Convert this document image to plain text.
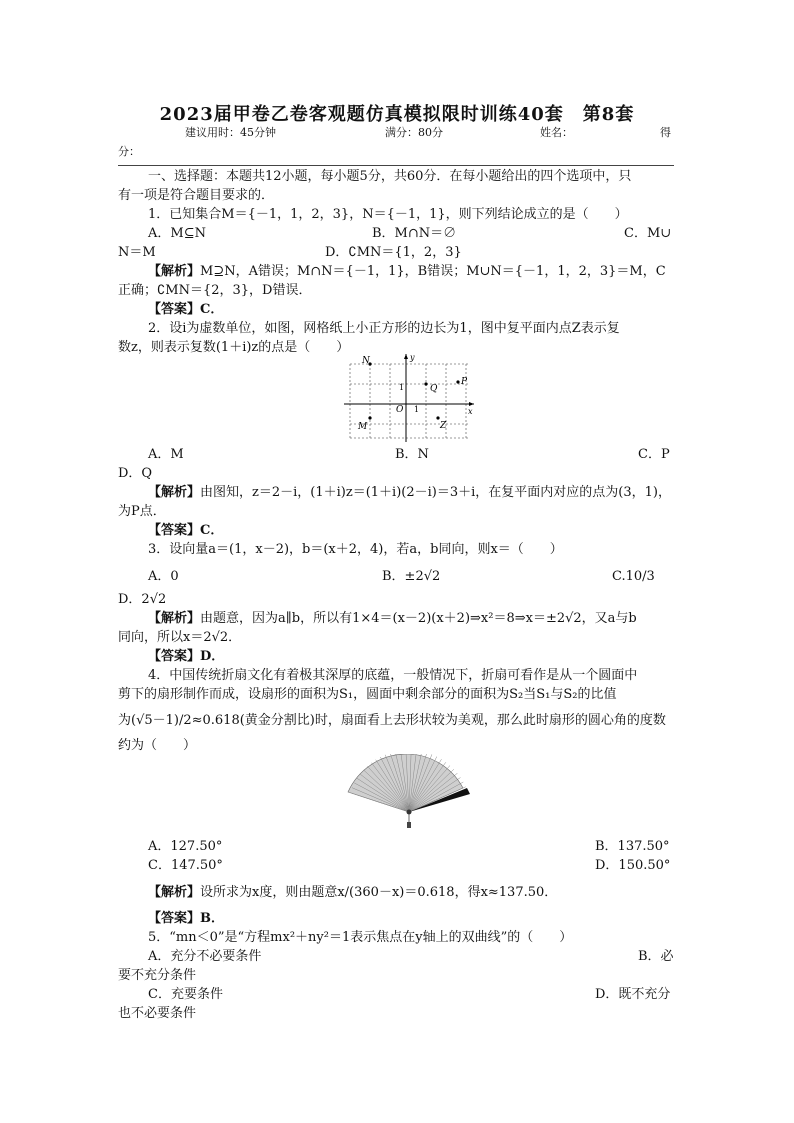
2023届甲卷乙卷客观题仿真模拟限时训练40套　第8套
建议用时：45分钟	满分：80分	姓名：	得
分：
一、选择题：本题共12小题，每小题5分，共60分．在每小题给出的四个选项中，只
有一项是符合题目要求的．
1．已知集合M＝{－1，1，2，3}，N＝{－1，1}，则下列结论成立的是（　　）
A．M⊆N	B．M∩N＝∅	C．M∪
N＝M	D．∁MN＝{1，2，3}
【解析】M⊇N，A错误；M∩N＝{－1，1}，B错误；M∪N＝{－1，1，2，3}＝M，C
正确；∁MN＝{2，3}，D错误．
【答案】C．
2．设i为虚数单位，如图，网格纸上小正方形的边长为1，图中复平面内点Z表示复
数z，则表示复数(1＋i)z的点是（　　）
N
Q
P
M	Z
O 1
1
x
y
A．M	B．N	C．P
D．Q
【解析】由图知，z＝2－i，(1＋i)z＝(1＋i)(2－i)＝3＋i，在复平面内对应的点为(3，1)，
为P点．
【答案】C．
3．设向量a＝(1，x－2)，b＝(x＋2，4)，若a，b同向，则x＝（　　）
A．0	B．±2√2	C.10/3
D．2√2
【解析】由题意，因为a∥b，所以有1×4＝(x－2)(x＋2)⇒x²＝8⇒x＝±2√2，又a与b
同向，所以x＝2√2．
【答案】D．
4．中国传统折扇文化有着极其深厚的底蕴，一般情况下，折扇可看作是从一个圆面中
剪下的扇形制作而成，设扇形的面积为S₁，圆面中剩余部分的面积为S₂当S₁与S₂的比值
为(√5－1)/2≈0.618(黄金分割比)时，扇面看上去形状较为美观，那么此时扇形的圆心角的度数
约为（　　）
A．127.50°	B．137.50°
C．147.50°	D．150.50°
【解析】设所求为x度，则由题意x/(360－x)＝0.618，得x≈137.50．
【答案】B．
5．“mn＜0”是“方程mx²＋ny²＝1表示焦点在y轴上的双曲线”的（　　）
A．充分不必要条件	B．必
要不充分条件
C．充要条件	D．既不充分
也不必要条件
